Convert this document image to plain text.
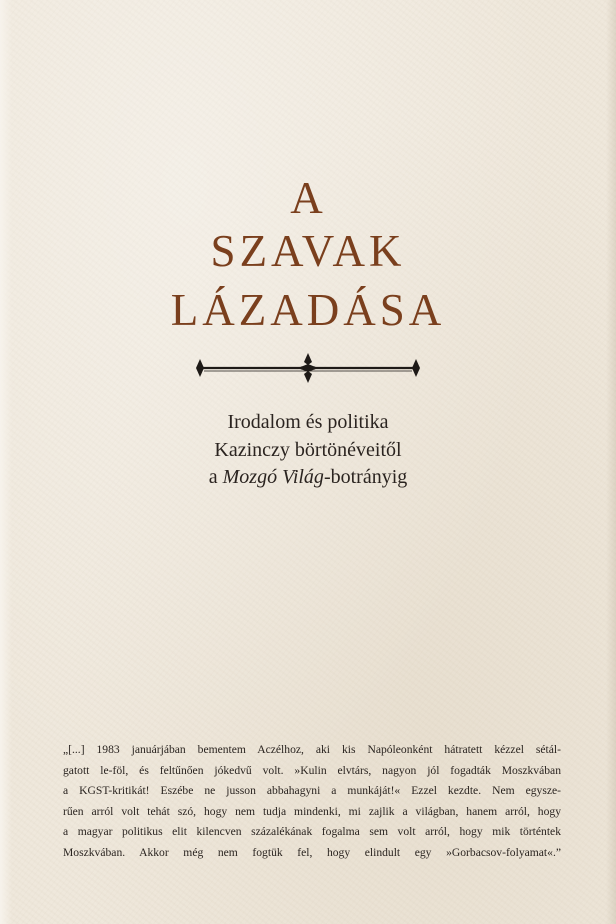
A
SZAVAK
LÁZADÁSA
Irodalom és politika
Kazinczy börtönéveitől
a Mozgó Világ-botrányig
„[...] 1983 januárjában bementem Aczélhoz, aki kis Napóleonként hátratett kézzel sétál-
gatott le-föl, és feltűnően jókedvű volt. »Kulin elvtárs, nagyon jól fogadták Moszkvában
a KGST-kritikát! Eszébe ne jusson abbahagyni a munkáját!« Ezzel kezdte. Nem egysze-
rűen arról volt tehát szó, hogy nem tudja mindenki, mi zajlik a világban, hanem arról, hogy
a magyar politikus elit kilencven százalékának fogalma sem volt arról, hogy mik történtek
Moszkvában. Akkor még nem fogtük fel, hogy elindult egy »Gorbacsov-folyamat«.”
